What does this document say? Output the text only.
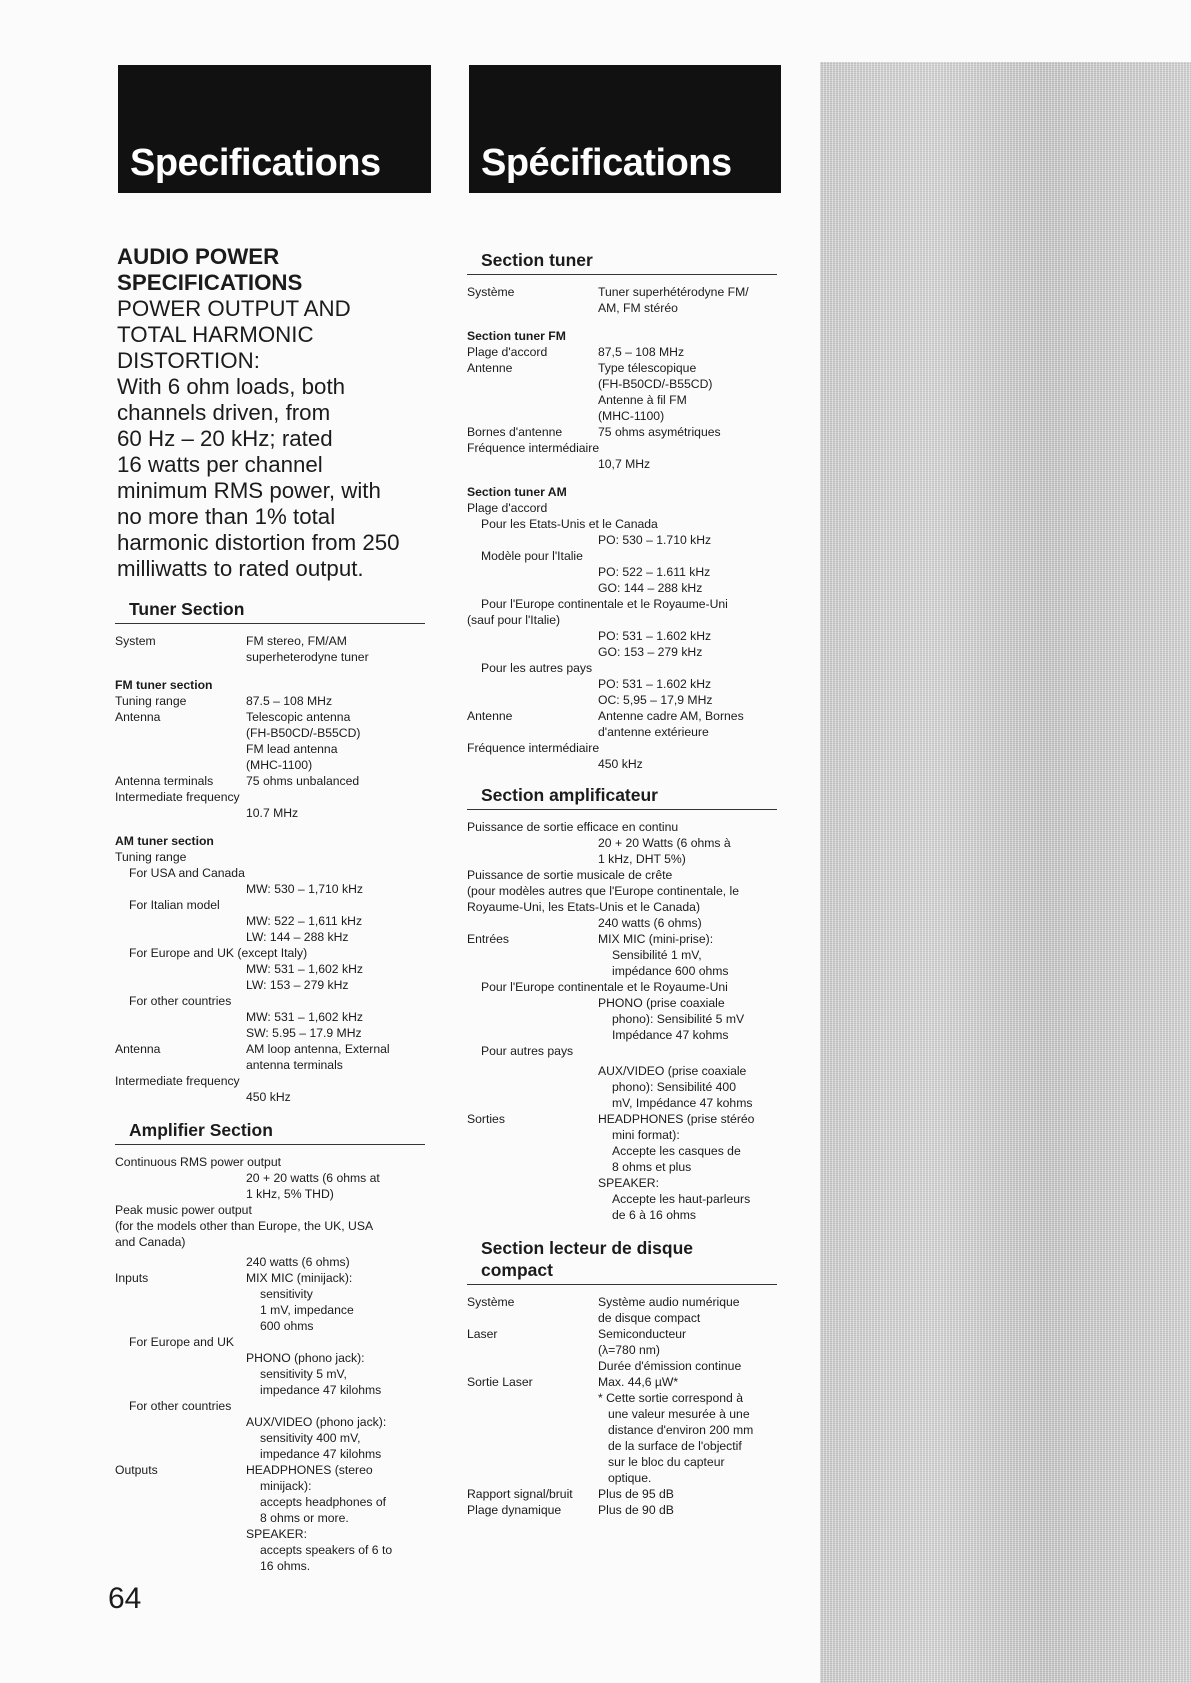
Specifications	Spécifications
AUDIO POWER
SPECIFICATIONS
POWER OUTPUT AND
TOTAL HARMONIC
DISTORTION:
With 6 ohm loads, both
channels driven, from
60 Hz – 20 kHz; rated
16 watts per channel
minimum RMS power, with
no more than 1% total
harmonic distortion from 250
milliwatts to rated output.
Tuner Section
System	FM stereo, FM/AM
superheterodyne tuner
FM tuner section
Tuning range	87.5 – 108 MHz
Antenna	Telescopic antenna
(FH-B50CD/-B55CD)
FM lead antenna
(MHC-1100)
Antenna terminals	75 ohms unbalanced
Intermediate frequency
10.7 MHz
AM tuner section
Tuning range
For USA and Canada
MW: 530 – 1,710 kHz
For Italian model
MW: 522 – 1,611 kHz
LW: 144 – 288 kHz
For Europe and UK (except Italy)
MW: 531 – 1,602 kHz
LW: 153 – 279 kHz
For other countries
MW: 531 – 1,602 kHz
SW: 5.95 – 17.9 MHz
Antenna	AM loop antenna, External
antenna terminals
Intermediate frequency
450 kHz
Amplifier Section
Continuous RMS power output
20 + 20 watts (6 ohms at
1 kHz, 5% THD)
Peak music power output
(for the models other than Europe, the UK, USA
and Canada)
240 watts (6 ohms)
Inputs	MIX MIC (minijack):
sensitivity
1 mV, impedance
600 ohms
For Europe and UK
PHONO (phono jack):
sensitivity 5 mV,
impedance 47 kilohms
For other countries
AUX/VIDEO (phono jack):
sensitivity 400 mV,
impedance 47 kilohms
Outputs	HEADPHONES (stereo
minijack):
accepts headphones of
8 ohms or more.
SPEAKER:
accepts speakers of 6 to
16 ohms.
Section tuner
Système	Tuner superhétérodyne FM/
AM, FM stéréo
Section tuner FM
Plage d'accord	87,5 – 108 MHz
Antenne	Type télescopique
(FH-B50CD/-B55CD)
Antenne à fil FM
(MHC-1100)
Bornes d'antenne	75 ohms asymétriques
Fréquence intermédiaire
10,7 MHz
Section tuner AM
Plage d'accord
Pour les Etats-Unis et le Canada
PO: 530 – 1.710 kHz
Modèle pour l'Italie
PO: 522 – 1.611 kHz
GO: 144 – 288 kHz
Pour l'Europe continentale et le Royaume-Uni
(sauf pour l'Italie)
PO: 531 – 1.602 kHz
GO: 153 – 279 kHz
Pour les autres pays
PO: 531 – 1.602 kHz
OC: 5,95 – 17,9 MHz
Antenne	Antenne cadre AM, Bornes
d'antenne extérieure
Fréquence intermédiaire
450 kHz
Section amplificateur
Puissance de sortie efficace en continu
20 + 20 Watts (6 ohms à
1 kHz, DHT 5%)
Puissance de sortie musicale de crête
(pour modèles autres que l'Europe continentale, le
Royaume-Uni, les Etats-Unis et le Canada)
240 watts (6 ohms)
Entrées	MIX MIC (mini-prise):
Sensibilité 1 mV,
impédance 600 ohms
Pour l'Europe continentale et le Royaume-Uni
PHONO (prise coaxiale
phono): Sensibilité 5 mV
Impédance 47 kohms
Pour autres pays
AUX/VIDEO (prise coaxiale
phono): Sensibilité 400
mV, Impédance 47 kohms
Sorties	HEADPHONES (prise stéréo
mini format):
Accepte les casques de
8 ohms et plus
SPEAKER:
Accepte les haut-parleurs
de 6 à 16 ohms
Section lecteur de disque
compact
Système	Système audio numérique
de disque compact
Laser	Semiconducteur
(λ=780 nm)
Durée d'émission continue
Sortie Laser	Max. 44,6 µW*
* Cette sortie correspond à
une valeur mesurée à une
distance d'environ 200 mm
de la surface de l'objectif
sur le bloc du capteur
optique.
Rapport signal/bruit	Plus de 95 dB
Plage dynamique	Plus de 90 dB
64
